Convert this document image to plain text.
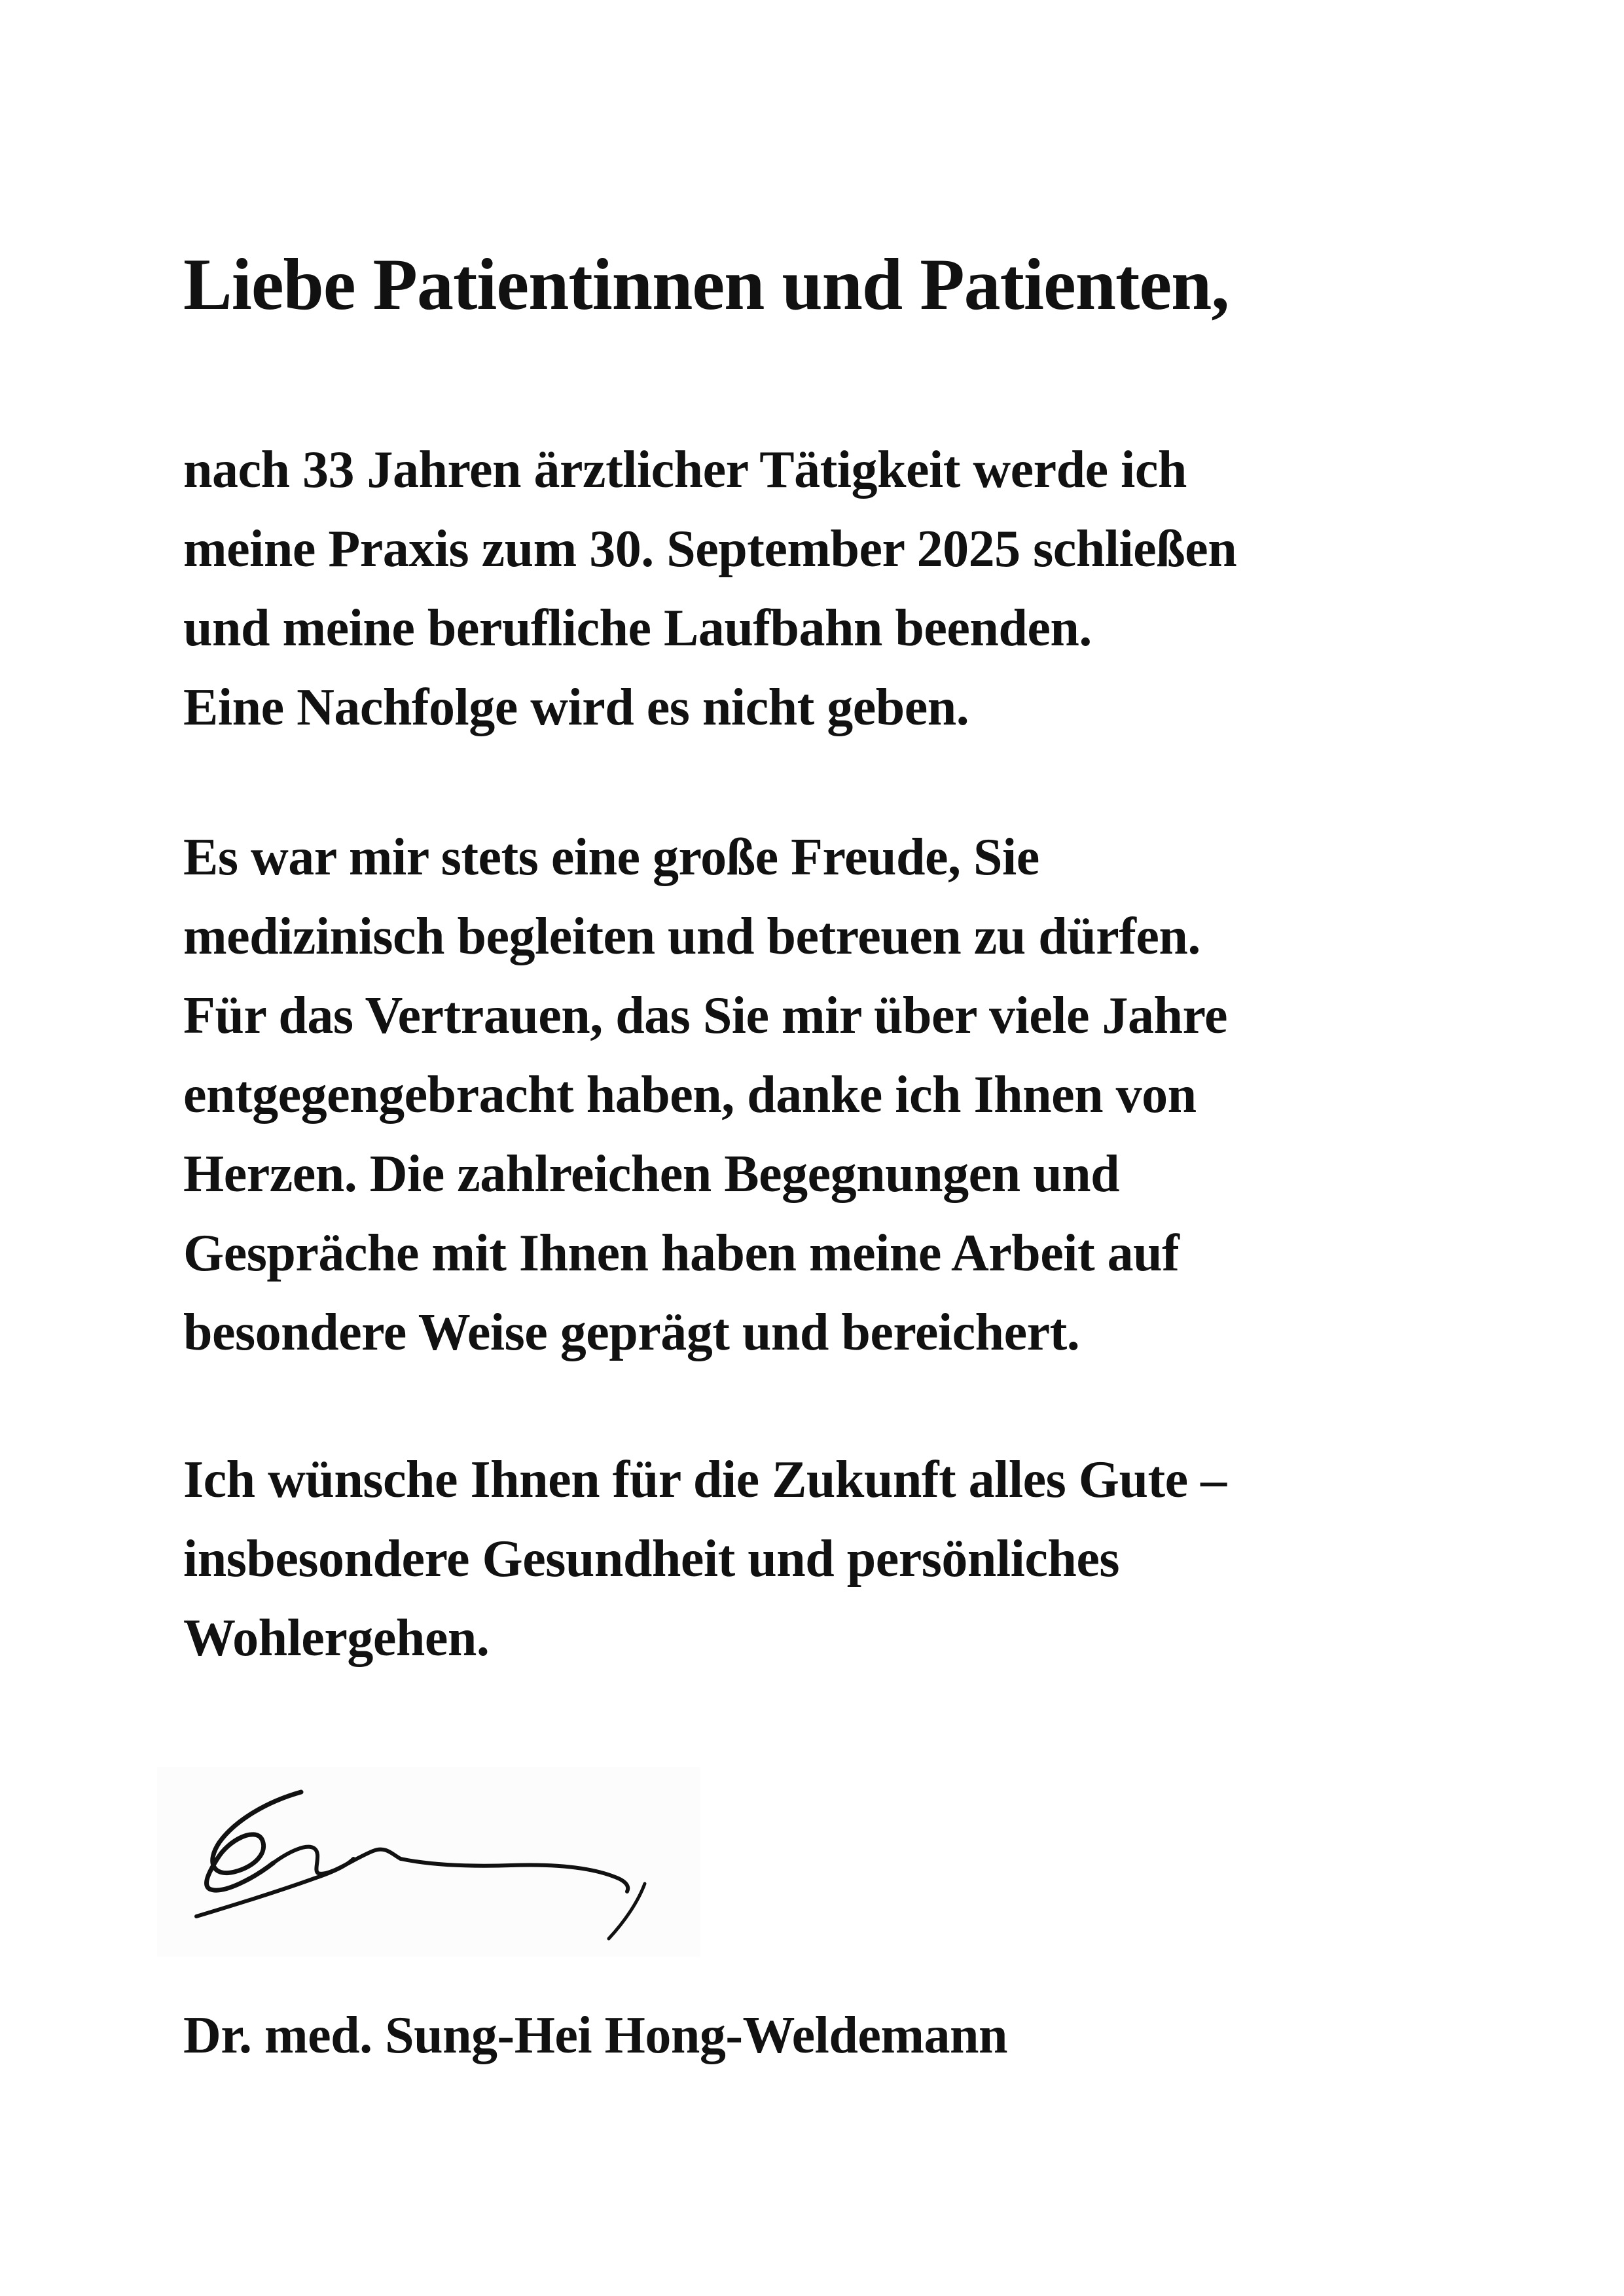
Liebe Patientinnen und Patienten,

nach 33 Jahren ärztlicher Tätigkeit werde ich
meine Praxis zum 30. September 2025 schließen
und meine berufliche Laufbahn beenden.
Eine Nachfolge wird es nicht geben.

Es war mir stets eine große Freude, Sie
medizinisch begleiten und betreuen zu dürfen.
Für das Vertrauen, das Sie mir über viele Jahre
entgegengebracht haben, danke ich Ihnen von
Herzen. Die zahlreichen Begegnungen und
Gespräche mit Ihnen haben meine Arbeit auf
besondere Weise geprägt und bereichert.

Ich wünsche Ihnen für die Zukunft alles Gute –
insbesondere Gesundheit und persönliches
Wohlergehen.

Dr. med. Sung-Hei Hong-Weldemann
